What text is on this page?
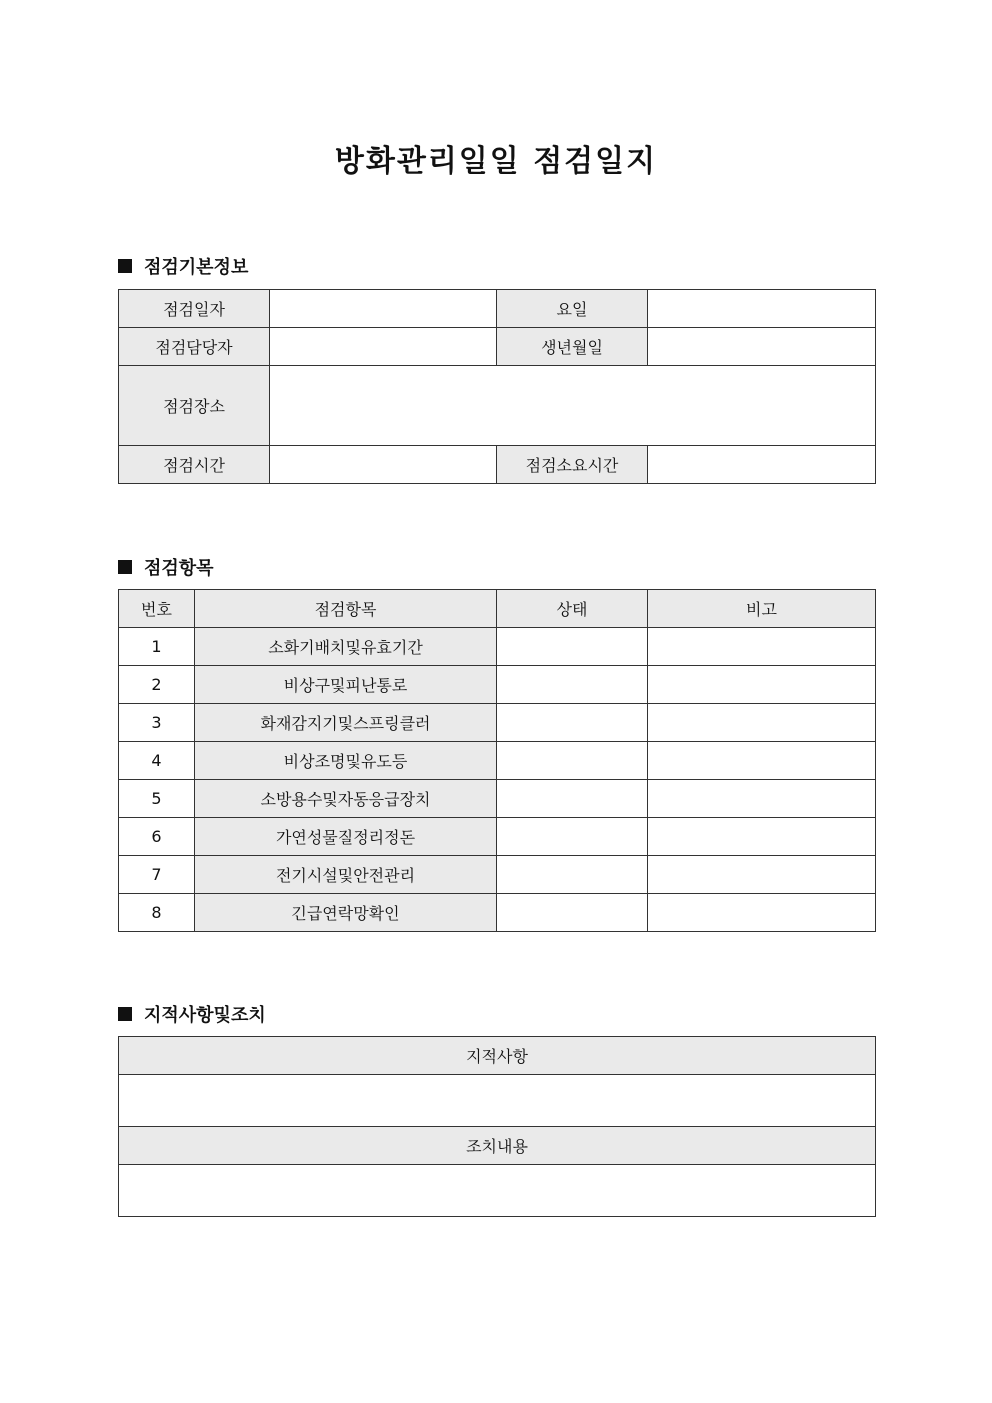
방화관리일일 점검일지
점검기본정보
점검일자		요일	
점검담당자		생년월일	
점검장소			
점검시간		점검소요시간	
점검항목
번호	점검항목	상태	비고
1	소화기배치및유효기간		
2	비상구및피난통로		
3	화재감지기및스프링클러		
4	비상조명및유도등		
5	소방용수및자동응급장치		
6	가연성물질정리정돈		
7	전기시설및안전관리		
8	긴급연락망확인		
지적사항및조치
지적사항

조치내용
